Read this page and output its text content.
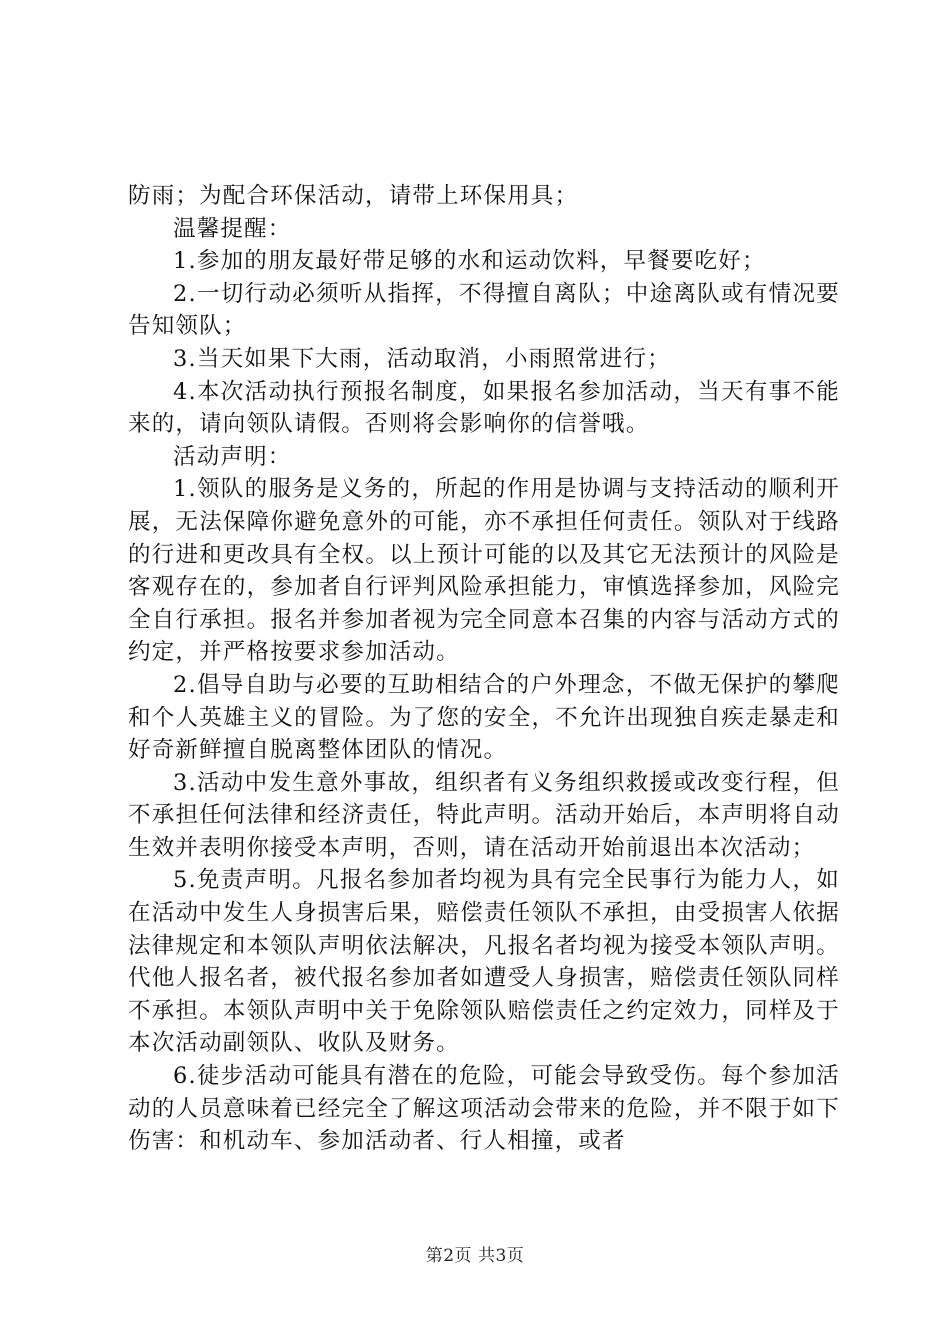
防雨；为配合环保活动，请带上环保用具；

温馨提醒：

1.参加的朋友最好带足够的水和运动饮料，早餐要吃好；

2.一切行动必须听从指挥，不得擅自离队；中途离队或有情况要告知领队；

3.当天如果下大雨，活动取消，小雨照常进行；

4.本次活动执行预报名制度，如果报名参加活动，当天有事不能来的，请向领队请假。否则将会影响你的信誉哦。

活动声明：

1.领队的服务是义务的，所起的作用是协调与支持活动的顺利开展，无法保障你避免意外的可能，亦不承担任何责任。领队对于线路的行进和更改具有全权。以上预计可能的以及其它无法预计的风险是客观存在的，参加者自行评判风险承担能力，审慎选择参加，风险完全自行承担。报名并参加者视为完全同意本召集的内容与活动方式的约定，并严格按要求参加活动。

2.倡导自助与必要的互助相结合的户外理念，不做无保护的攀爬和个人英雄主义的冒险。为了您的安全，不允许出现独自疾走暴走和好奇新鲜擅自脱离整体团队的情况。

3.活动中发生意外事故，组织者有义务组织救援或改变行程，但不承担任何法律和经济责任，特此声明。活动开始后，本声明将自动生效并表明你接受本声明，否则，请在活动开始前退出本次活动；

5.免责声明。凡报名参加者均视为具有完全民事行为能力人，如在活动中发生人身损害后果，赔偿责任领队不承担，由受损害人依据法律规定和本领队声明依法解决，凡报名者均视为接受本领队声明。代他人报名者，被代报名参加者如遭受人身损害，赔偿责任领队同样不承担。本领队声明中关于免除领队赔偿责任之约定效力，同样及于本次活动副领队、收队及财务。

6.徒步活动可能具有潜在的危险，可能会导致受伤。每个参加活动的人员意味着已经完全了解这项活动会带来的危险，并不限于如下伤害：和机动车、参加活动者、行人相撞，或者

第2页 共3页
